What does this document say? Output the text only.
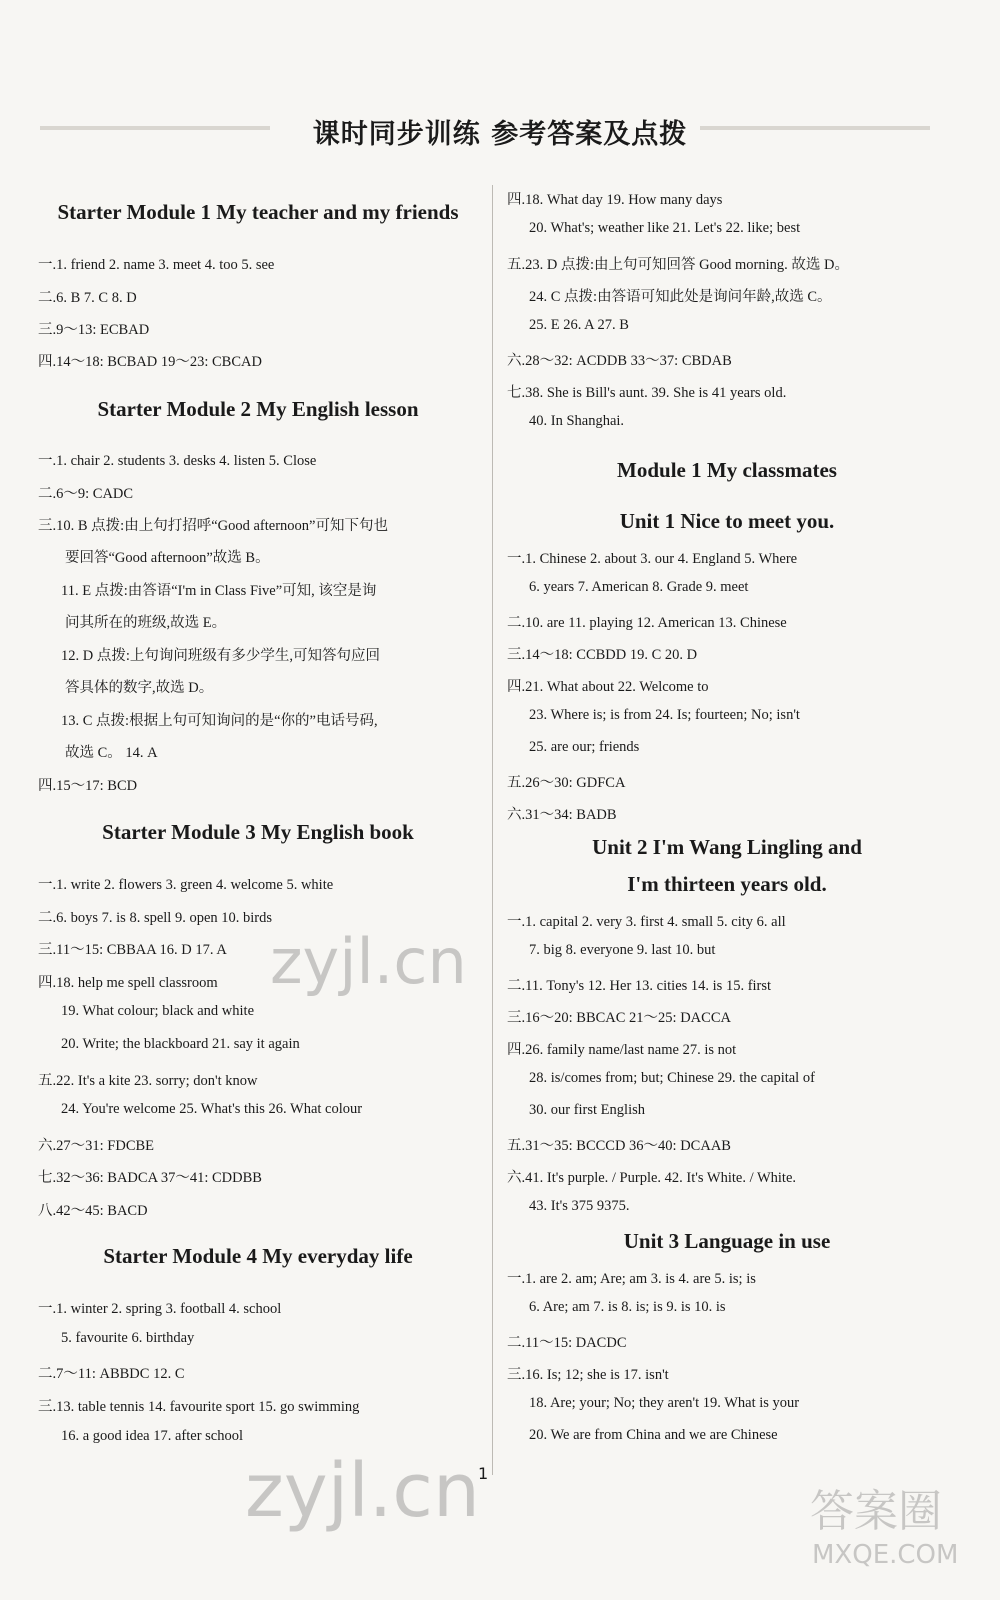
课时同步训练 参考答案及点拨
Starter Module 1 My teacher and my friends
一.1. friend 2. name 3. meet 4. too 5. see
二.6. B 7. C 8. D
三.9～13: ECBAD
四.14～18: BCBAD 19～23: CBCAD
Starter Module 2 My English lesson
一.1. chair 2. students 3. desks 4. listen 5. Close
二.6～9: CADC
三.10. B 点拨:由上句打招呼“Good afternoon”可知下句也
要回答“Good afternoon”故选 B。
11. E 点拨:由答语“I'm in Class Five”可知, 该空是询
问其所在的班级,故选 E。
12. D 点拨:上句询问班级有多少学生,可知答句应回
答具体的数字,故选 D。
13. C 点拨:根据上句可知询问的是“你的”电话号码,
故选 C。 14. A
四.15～17: BCD
Starter Module 3 My English book
一.1. write 2. flowers 3. green 4. welcome 5. white
二.6. boys 7. is 8. spell 9. open 10. birds
三.11～15: CBBAA 16. D 17. A
四.18. help me spell classroom
19. What colour; black and white
20. Write; the blackboard 21. say it again
五.22. It's a kite 23. sorry; don't know
24. You're welcome 25. What's this 26. What colour
六.27～31: FDCBE
七.32～36: BADCA 37～41: CDDBB
八.42～45: BACD
Starter Module 4 My everyday life
一.1. winter 2. spring 3. football 4. school
5. favourite 6. birthday
二.7～11: ABBDC 12. C
三.13. table tennis 14. favourite sport 15. go swimming
16. a good idea 17. after school
四.18. What day 19. How many days
20. What's; weather like 21. Let's 22. like; best
五.23. D 点拨:由上句可知回答 Good morning. 故选 D。
24. C 点拨:由答语可知此处是询问年龄,故选 C。
25. E 26. A 27. B
六.28～32: ACDDB 33～37: CBDAB
七.38. She is Bill's aunt. 39. She is 41 years old.
40. In Shanghai.
Module 1 My classmates
Unit 1 Nice to meet you.
一.1. Chinese 2. about 3. our 4. England 5. Where
6. years 7. American 8. Grade 9. meet
二.10. are 11. playing 12. American 13. Chinese
三.14～18: CCBDD 19. C 20. D
四.21. What about 22. Welcome to
23. Where is; is from 24. Is; fourteen; No; isn't
25. are our; friends
五.26～30: GDFCA
六.31～34: BADB
Unit 2 I'm Wang Lingling and
I'm thirteen years old.
一.1. capital 2. very 3. first 4. small 5. city 6. all
7. big 8. everyone 9. last 10. but
二.11. Tony's 12. Her 13. cities 14. is 15. first
三.16～20: BBCAC 21～25: DACCA
四.26. family name/last name 27. is not
28. is/comes from; but; Chinese 29. the capital of
30. our first English
五.31～35: BCCCD 36～40: DCAAB
六.41. It's purple. / Purple. 42. It's White. / White.
43. It's 375 9375.
Unit 3 Language in use
一.1. are 2. am; Are; am 3. is 4. are 5. is; is
6. Are; am 7. is 8. is; is 9. is 10. is
二.11～15: DACDC
三.16. Is; 12; she is 17. isn't
18. Are; your; No; they aren't 19. What is your
20. We are from China and we are Chinese
1
zyjl.cn
zyjl.cn	答案圈
MXQE.COM
